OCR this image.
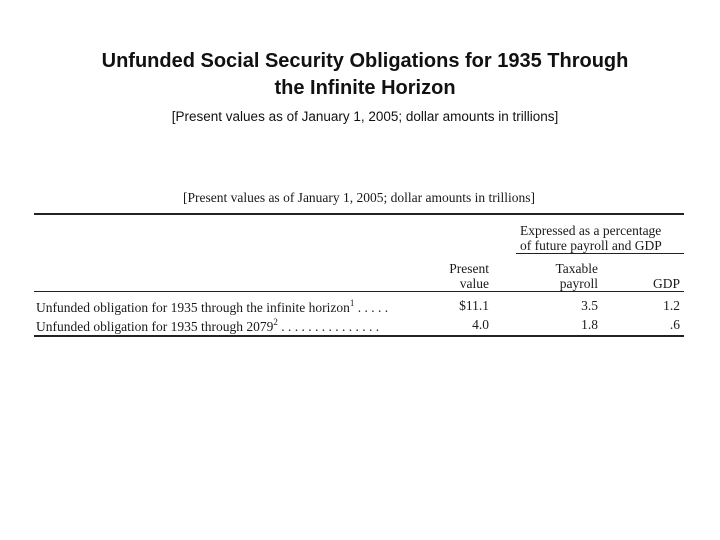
Unfunded Social Security Obligations for 1935 Through
the Infinite Horizon
[Present values as of January 1, 2005; dollar amounts in trillions]
[Present values as of January 1, 2005; dollar amounts in trillions]
Expressed as a percentage
of future payroll and GDP
Present
value
Taxable
payroll	GDP
Unfunded obligation for 1935 through the infinite horizon$^1$ . . . . .	$11.1	3.5	1.2
Unfunded obligation for 1935 through 2079$^2$ . . . . . . . . . . . . . . .	4.0	1.8	.6
